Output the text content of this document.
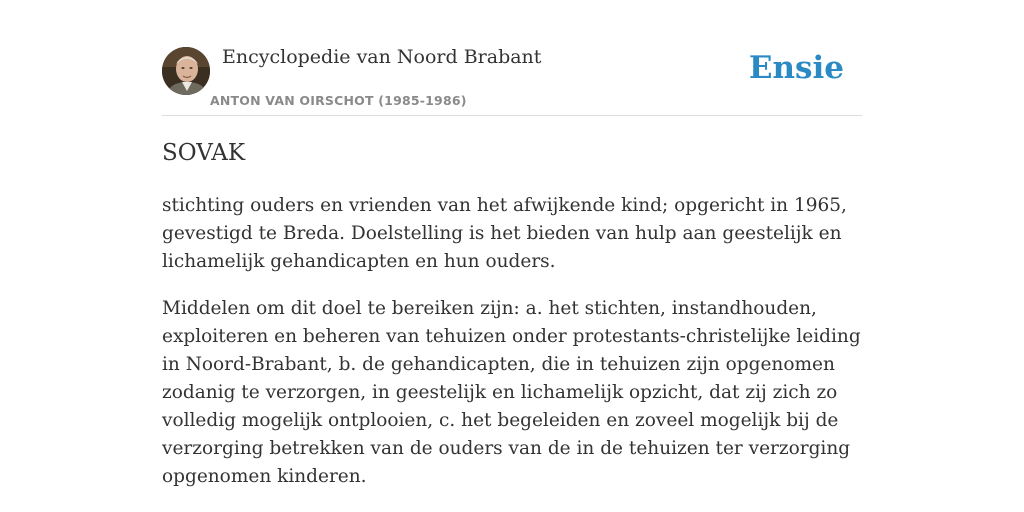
Encyclopedie van Noord Brabant
ANTON VAN OIRSCHOT (1985-1986)
Ensie
SOVAK

stichting ouders en vrienden van het afwijkende kind; opgericht in 1965, gevestigd te Breda. Doelstelling is het bieden van hulp aan geestelijk en lichamelijk gehandicapten en hun ouders.

Middelen om dit doel te bereiken zijn: a. het stichten, instandhouden, exploiteren en beheren van tehuizen onder protestants-christelijke leiding in Noord-Brabant, b. de gehandicapten, die in tehuizen zijn opgenomen zodanig te verzorgen, in geestelijk en lichamelijk opzicht, dat zij zich zo volledig mogelijk ontplooien, c. het begeleiden en zoveel mogelijk bij de verzorging betrekken van de ouders van de in de tehuizen ter verzorging opgenomen kinderen.
